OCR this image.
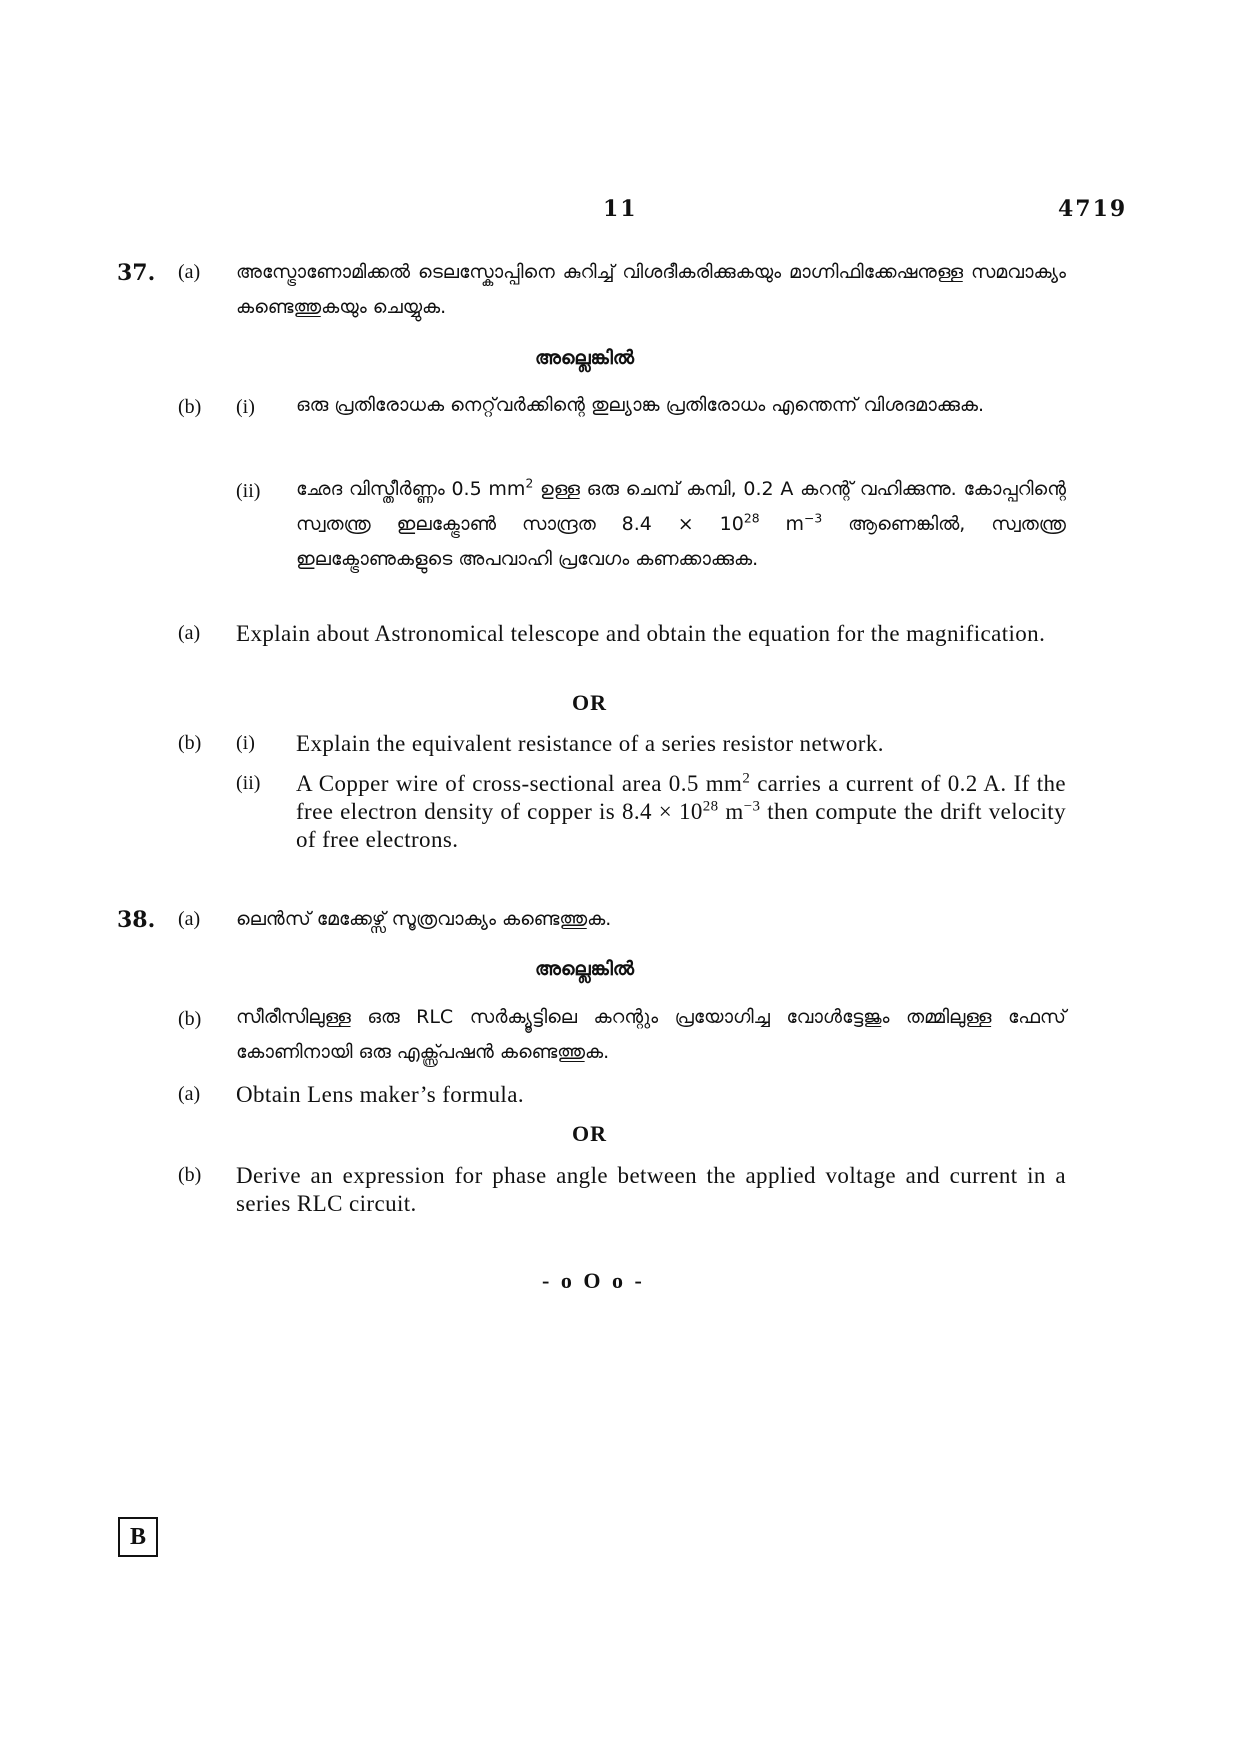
11	4719
37. (a) അസ്ട്രോണോമിക്കൽ ടെലസ്കോപ്പിനെ കുറിച്ച് വിശദീകരിക്കുകയും മാഗ്നിഫിക്കേഷനുള്ള സമവാക്യം കണ്ടെത്തുകയും ചെയ്യുക.
അല്ലെങ്കിൽ
(b) (i) ഒരു പ്രതിരോധക നെറ്റ്‌വർക്കിന്റെ തുല്യാങ്ക പ്രതിരോധം എന്തെന്ന് വിശദമാക്കുക.
(ii) ഛേദ വിസ്തീർണ്ണം 0.5 $mm^2$ ഉള്ള ഒരു ചെമ്പ് കമ്പി, 0.2 A കറന്റ് വഹിക്കുന്നു. കോപ്പറിന്റെ സ്വതന്ത്ര ഇലക്ട്രോൺ സാന്ദ്രത $8.4 \times 10^{28}$ $m^{-3}$ ആണെങ്കിൽ, സ്വതന്ത്ര ഇലക്ട്രോണുകളുടെ അപവാഹി പ്രവേഗം കണക്കാക്കുക.
(a) Explain about Astronomical telescope and obtain the equation for the magnification.
OR
(b) (i) Explain the equivalent resistance of a series resistor network.
(ii) A Copper wire of cross-sectional area 0.5 $mm^2$ carries a current of 0.2 A. If the free electron density of copper is $8.4 \times 10^{28}$ $m^{-3}$ then compute the drift velocity of free electrons.
38. (a) ലെൻസ് മേക്കേഴ്സ് സൂത്രവാക്യം കണ്ടെത്തുക.
അല്ലെങ്കിൽ
(b) സീരീസിലുള്ള ഒരു RLC സർക്യൂട്ടിലെ കറന്റും പ്രയോഗിച്ച വോൾട്ടേജും തമ്മിലുള്ള ഫേസ് കോണിനായി ഒരു എക്സ്പ്രഷൻ കണ്ടെത്തുക.
(a) Obtain Lens maker’s formula.
OR
(b) Derive an expression for phase angle between the applied voltage and current in a series RLC circuit.
- o O o -
B
